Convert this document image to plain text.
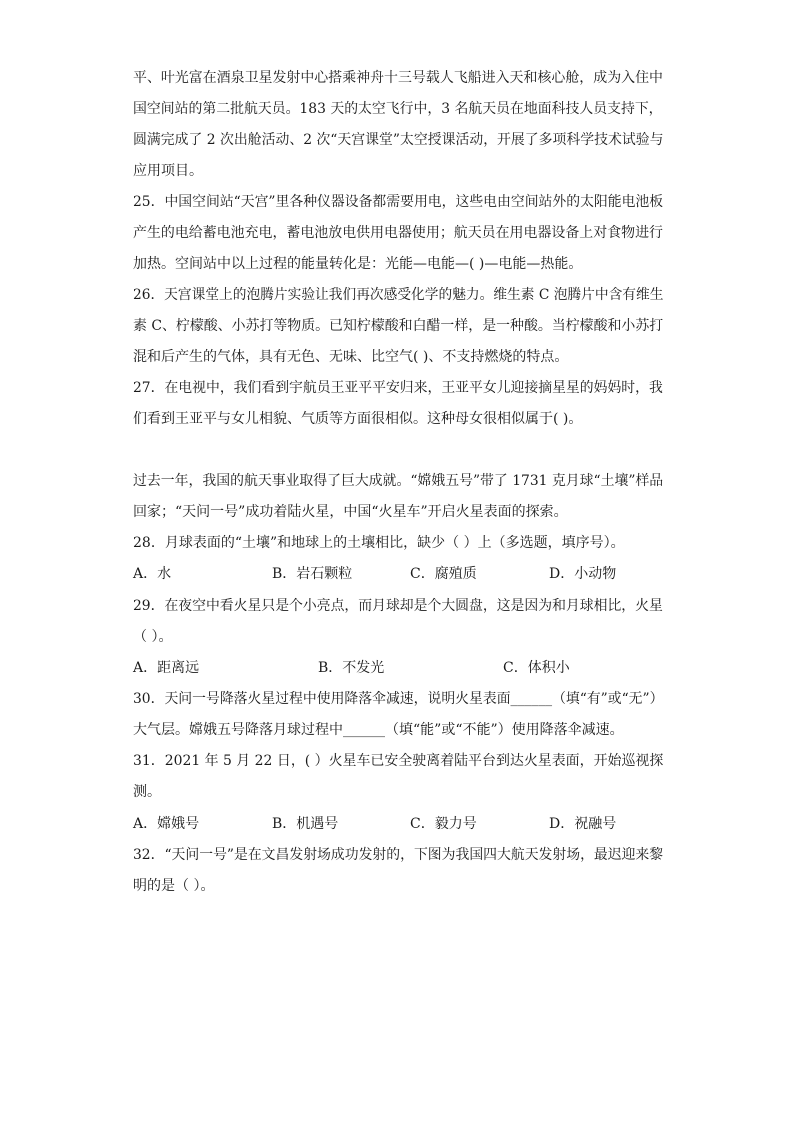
平、叶光富在酒泉卫星发射中心搭乘神舟十三号载人飞船进入天和核心舱，成为入住中
国空间站的第二批航天员。183 天的太空飞行中，3 名航天员在地面科技人员支持下，
圆满完成了 2 次出舱活动、2 次“天宫课堂”太空授课活动，开展了多项科学技术试验与
应用项目。
25．中国空间站“天宫”里各种仪器设备都需要用电，这些电由空间站外的太阳能电池板
产生的电给蓄电池充电，蓄电池放电供用电器使用；航天员在用电器设备上对食物进行
加热。空间站中以上过程的能量转化是：光能—电能—( )—电能—热能。
26．天宫课堂上的泡腾片实验让我们再次感受化学的魅力。维生素 C 泡腾片中含有维生
素 C、柠檬酸、小苏打等物质。已知柠檬酸和白醋一样，是一种酸。当柠檬酸和小苏打
混和后产生的气体，具有无色、无味、比空气( )、不支持燃烧的特点。
27．在电视中，我们看到宇航员王亚平平安归来，王亚平女儿迎接摘星星的妈妈时，我
们看到王亚平与女儿相貌、气质等方面很相似。这种母女很相似属于( )。
过去一年，我国的航天事业取得了巨大成就。“嫦娥五号”带了 1731 克月球“土壤”样品
回家；“天问一号”成功着陆火星，中国“火星车”开启火星表面的探索。
28．月球表面的“土壤”和地球上的土壤相比，缺少（ ）上（多选题，填序号）。
A．水	B．岩石颗粒	C．腐殖质	D．小动物
29．在夜空中看火星只是个小亮点，而月球却是个大圆盘，这是因为和月球相比，火星
（ ）。
A．距离远	B．不发光	C．体积小
30．天问一号降落火星过程中使用降落伞减速，说明火星表面______（填“有”或“无”）
大气层。嫦娥五号降落月球过程中______（填“能”或“不能”）使用降落伞减速。
31．2021 年 5 月 22 日，( ）火星车已安全驶离着陆平台到达火星表面，开始巡视探
测。
A．嫦娥号	B．机遇号	C．毅力号	D．祝融号
32．“天问一号”是在文昌发射场成功发射的，下图为我国四大航天发射场，最迟迎来黎
明的是（ ）。
